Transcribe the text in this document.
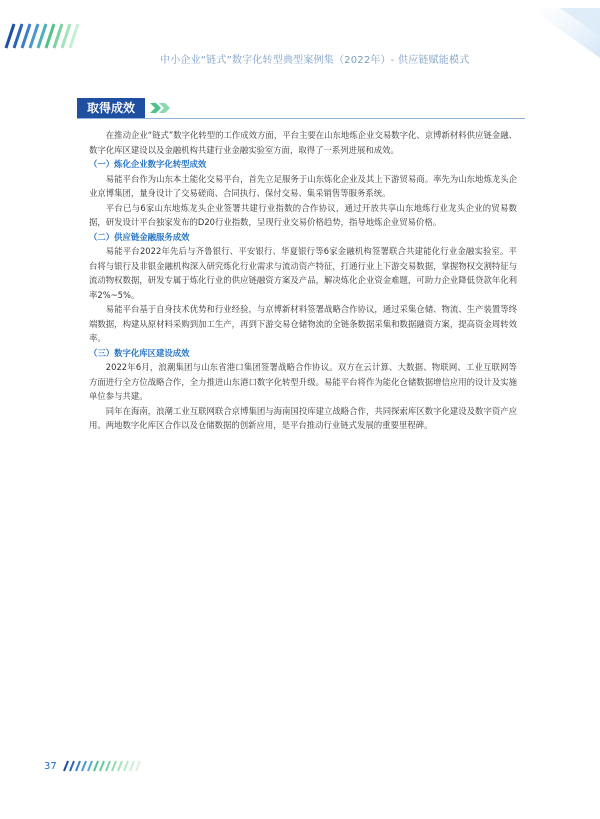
中小企业“链式”数字化转型典型案例集（2022年）- 供应链赋能模式
取得成效

在推动企业“链式”数字化转型的工作成效方面，平台主要在山东地炼企业交易数字化、京博新材料供应链金融、数字化库区建设以及金融机构共建行业金融实验室方面，取得了一系列进展和成效。

（一）炼化企业数字化转型成效

易能平台作为山东本土能化交易平台，首先立足服务于山东炼化企业及其上下游贸易商。率先为山东地炼龙头企业京博集团，量身设计了交易磋商、合同执行、保付交易、集采销售等服务系统。

平台已与6家山东地炼龙头企业签署共建行业指数的合作协议，通过开放共享山东地炼行业龙头企业的贸易数据，研发设计平台独家发布的D20行业指数，呈现行业交易价格趋势，指导地炼企业贸易价格。

（二）供应链金融服务成效

易能平台2022年先后与齐鲁银行、平安银行、华夏银行等6家金融机构签署联合共建能化行业金融实验室。平台将与银行及非银金融机构深入研究炼化行业需求与流动资产特征，打通行业上下游交易数据，掌握物权交割特征与流动物权数据，研发专属于炼化行业的供应链融资方案及产品，解决炼化企业资金难题，可助力企业降低贷款年化利率2%~5%。

易能平台基于自身技术优势和行业经验，与京博新材料签署战略合作协议，通过采集仓储、物流、生产装置等终端数据，构建从原材料采购到加工生产，再到下游交易仓储物流的全链条数据采集和数据融资方案，提高资金周转效率。

（三）数字化库区建设成效

2022年6月，浪潮集团与山东省港口集团签署战略合作协议。双方在云计算、大数据、物联网、工业互联网等方面进行全方位战略合作，全力推进山东港口数字化转型升级。易能平台将作为能化仓储数据增信应用的设计及实施单位参与共建。

同年在海南，浪潮工业互联网联合京博集团与海南国投库建立战略合作，共同探索库区数字化建设及数字资产应用。两地数字化库区合作以及仓储数据的创新应用，是平台推动行业链式发展的重要里程碑。

37
